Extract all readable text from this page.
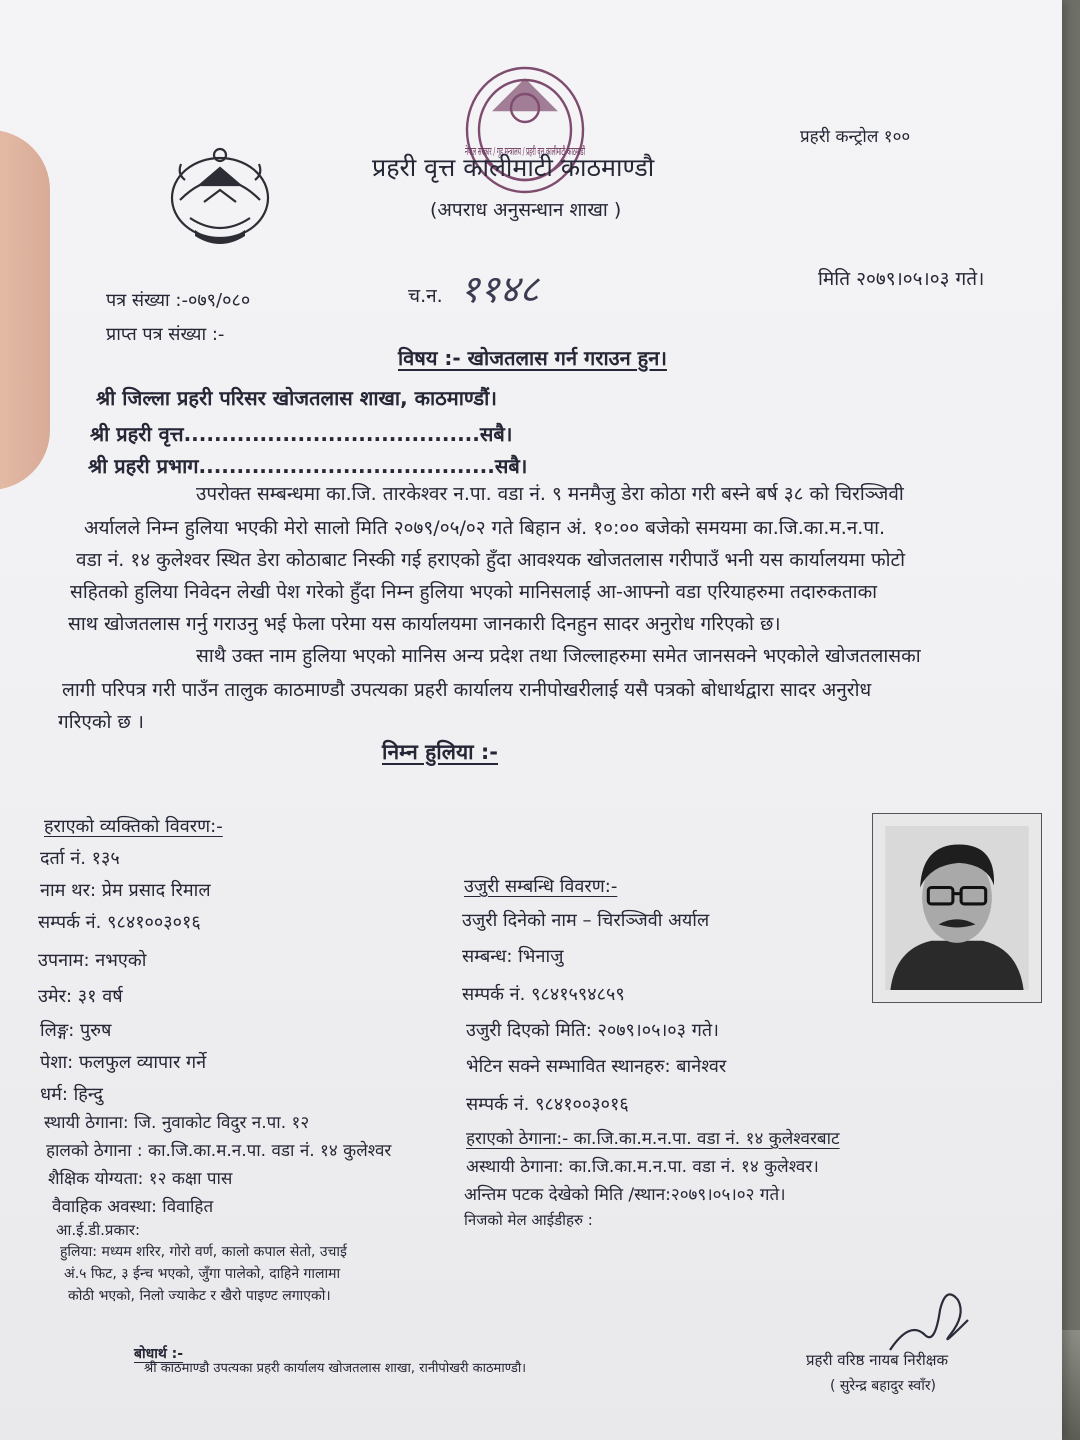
नेपाल सरकार / गृह मन्त्रालय / प्रहरी वृत्त कालीमाटी काठमाडौं
प्रहरी कन्ट्रोल १००
प्रहरी वृत्त कालीमाटी काठमाण्डौ
(अपराध अनुसन्धान शाखा )
पत्र संख्या :-०७९/०८०
प्राप्त पत्र संख्या :-
च.न. ११४८	मिति २०७९।०५।०३ गते।
विषय :- खोजतलास गर्न गराउन हुन।
श्री जिल्ला प्रहरी परिसर खोजतलास शाखा, काठमाण्डौं।
श्री प्रहरी वृत्त.......................................सबै।
श्री प्रहरी प्रभाग.......................................सबै।
उपरोक्त सम्बन्धमा का.जि. तारकेश्वर न.पा. वडा नं. ९ मनमैजु डेरा कोठा गरी बस्ने बर्ष ३८ को चिरञ्जिवी
अर्यालले निम्न हुलिया भएकी मेरो सालो मिति २०७९/०५/०२ गते बिहान अं. १०:०० बजेको समयमा का.जि.का.म.न.पा.
वडा नं. १४ कुलेश्वर स्थित डेरा कोठाबाट निस्की गई हराएको हुँदा आवश्यक खोजतलास गरीपाउँ भनी यस कार्यालयमा फोटो
सहितको हुलिया निवेदन लेखी पेश गरेको हुँदा निम्न हुलिया भएको मानिसलाई आ-आफ्नो वडा एरियाहरुमा तदारुकताका
साथ खोजतलास गर्नु गराउनु भई फेला परेमा यस कार्यालयमा जानकारी दिनहुन सादर अनुरोध गरिएको छ।
साथै उक्त नाम हुलिया भएको मानिस अन्य प्रदेश तथा जिल्लाहरुमा समेत जानसक्ने भएकोले खोजतलासका
लागी परिपत्र गरी पाउँन तालुक काठमाण्डौ उपत्यका प्रहरी कार्यालय रानीपोखरीलाई यसै पत्रको बोधार्थद्वारा सादर अनुरोध
गरिएको छ ।
निम्न हुलिया :-
हराएको व्यक्तिको विवरण:-
दर्ता नं. १३५
नाम थर: प्रेम प्रसाद रिमाल
सम्पर्क नं. ९८४१००३०१६
उपनाम: नभएको
उमेर: ३१ वर्ष
लिङ्ग: पुरुष
पेशा: फलफुल व्यापार गर्ने
धर्म: हिन्दु
स्थायी ठेगाना: जि. नुवाकोट विदुर न.पा. १२
हालको ठेगाना : का.जि.का.म.न.पा. वडा नं. १४ कुलेश्वर
शैक्षिक योग्यता: १२ कक्षा पास
वैवाहिक अवस्था: विवाहित
आ.ई.डी.प्रकार:
हुलिया: मध्यम शरिर, गोरो वर्ण, कालो कपाल सेतो, उचाई
अं.५ फिट, ३ ईन्च भएको, जुँगा पालेको, दाहिने गालामा
कोठी भएको, निलो ज्याकेट र खैरो पाइण्ट लगाएको।
उजुरी सम्बन्धि विवरण:-
उजुरी दिनेको नाम – चिरञ्जिवी अर्याल
सम्बन्ध: भिनाजु
सम्पर्क नं. ९८४१५९४८५९
उजुरी दिएको मिति: २०७९।०५।०३ गते।
भेटिन सक्ने सम्भावित स्थानहरु: बानेश्वर
सम्पर्क नं. ९८४१००३०१६
हराएको ठेगाना:- का.जि.का.म.न.पा. वडा नं. १४ कुलेश्वरबाट
अस्थायी ठेगाना: का.जि.का.म.न.पा. वडा नं. १४ कुलेश्वर।
अन्तिम पटक देखेको मिति /स्थान:२०७९।०५।०२ गते।
निजको मेल आईडीहरु :
बोधार्थ :-
श्री काठमाण्डौ उपत्यका प्रहरी कार्यालय खोजतलास शाखा, रानीपोखरी काठमाण्डौ।	प्रहरी वरिष्ठ नायब निरीक्षक
( सुरेन्द्र बहादुर स्वाँर)
